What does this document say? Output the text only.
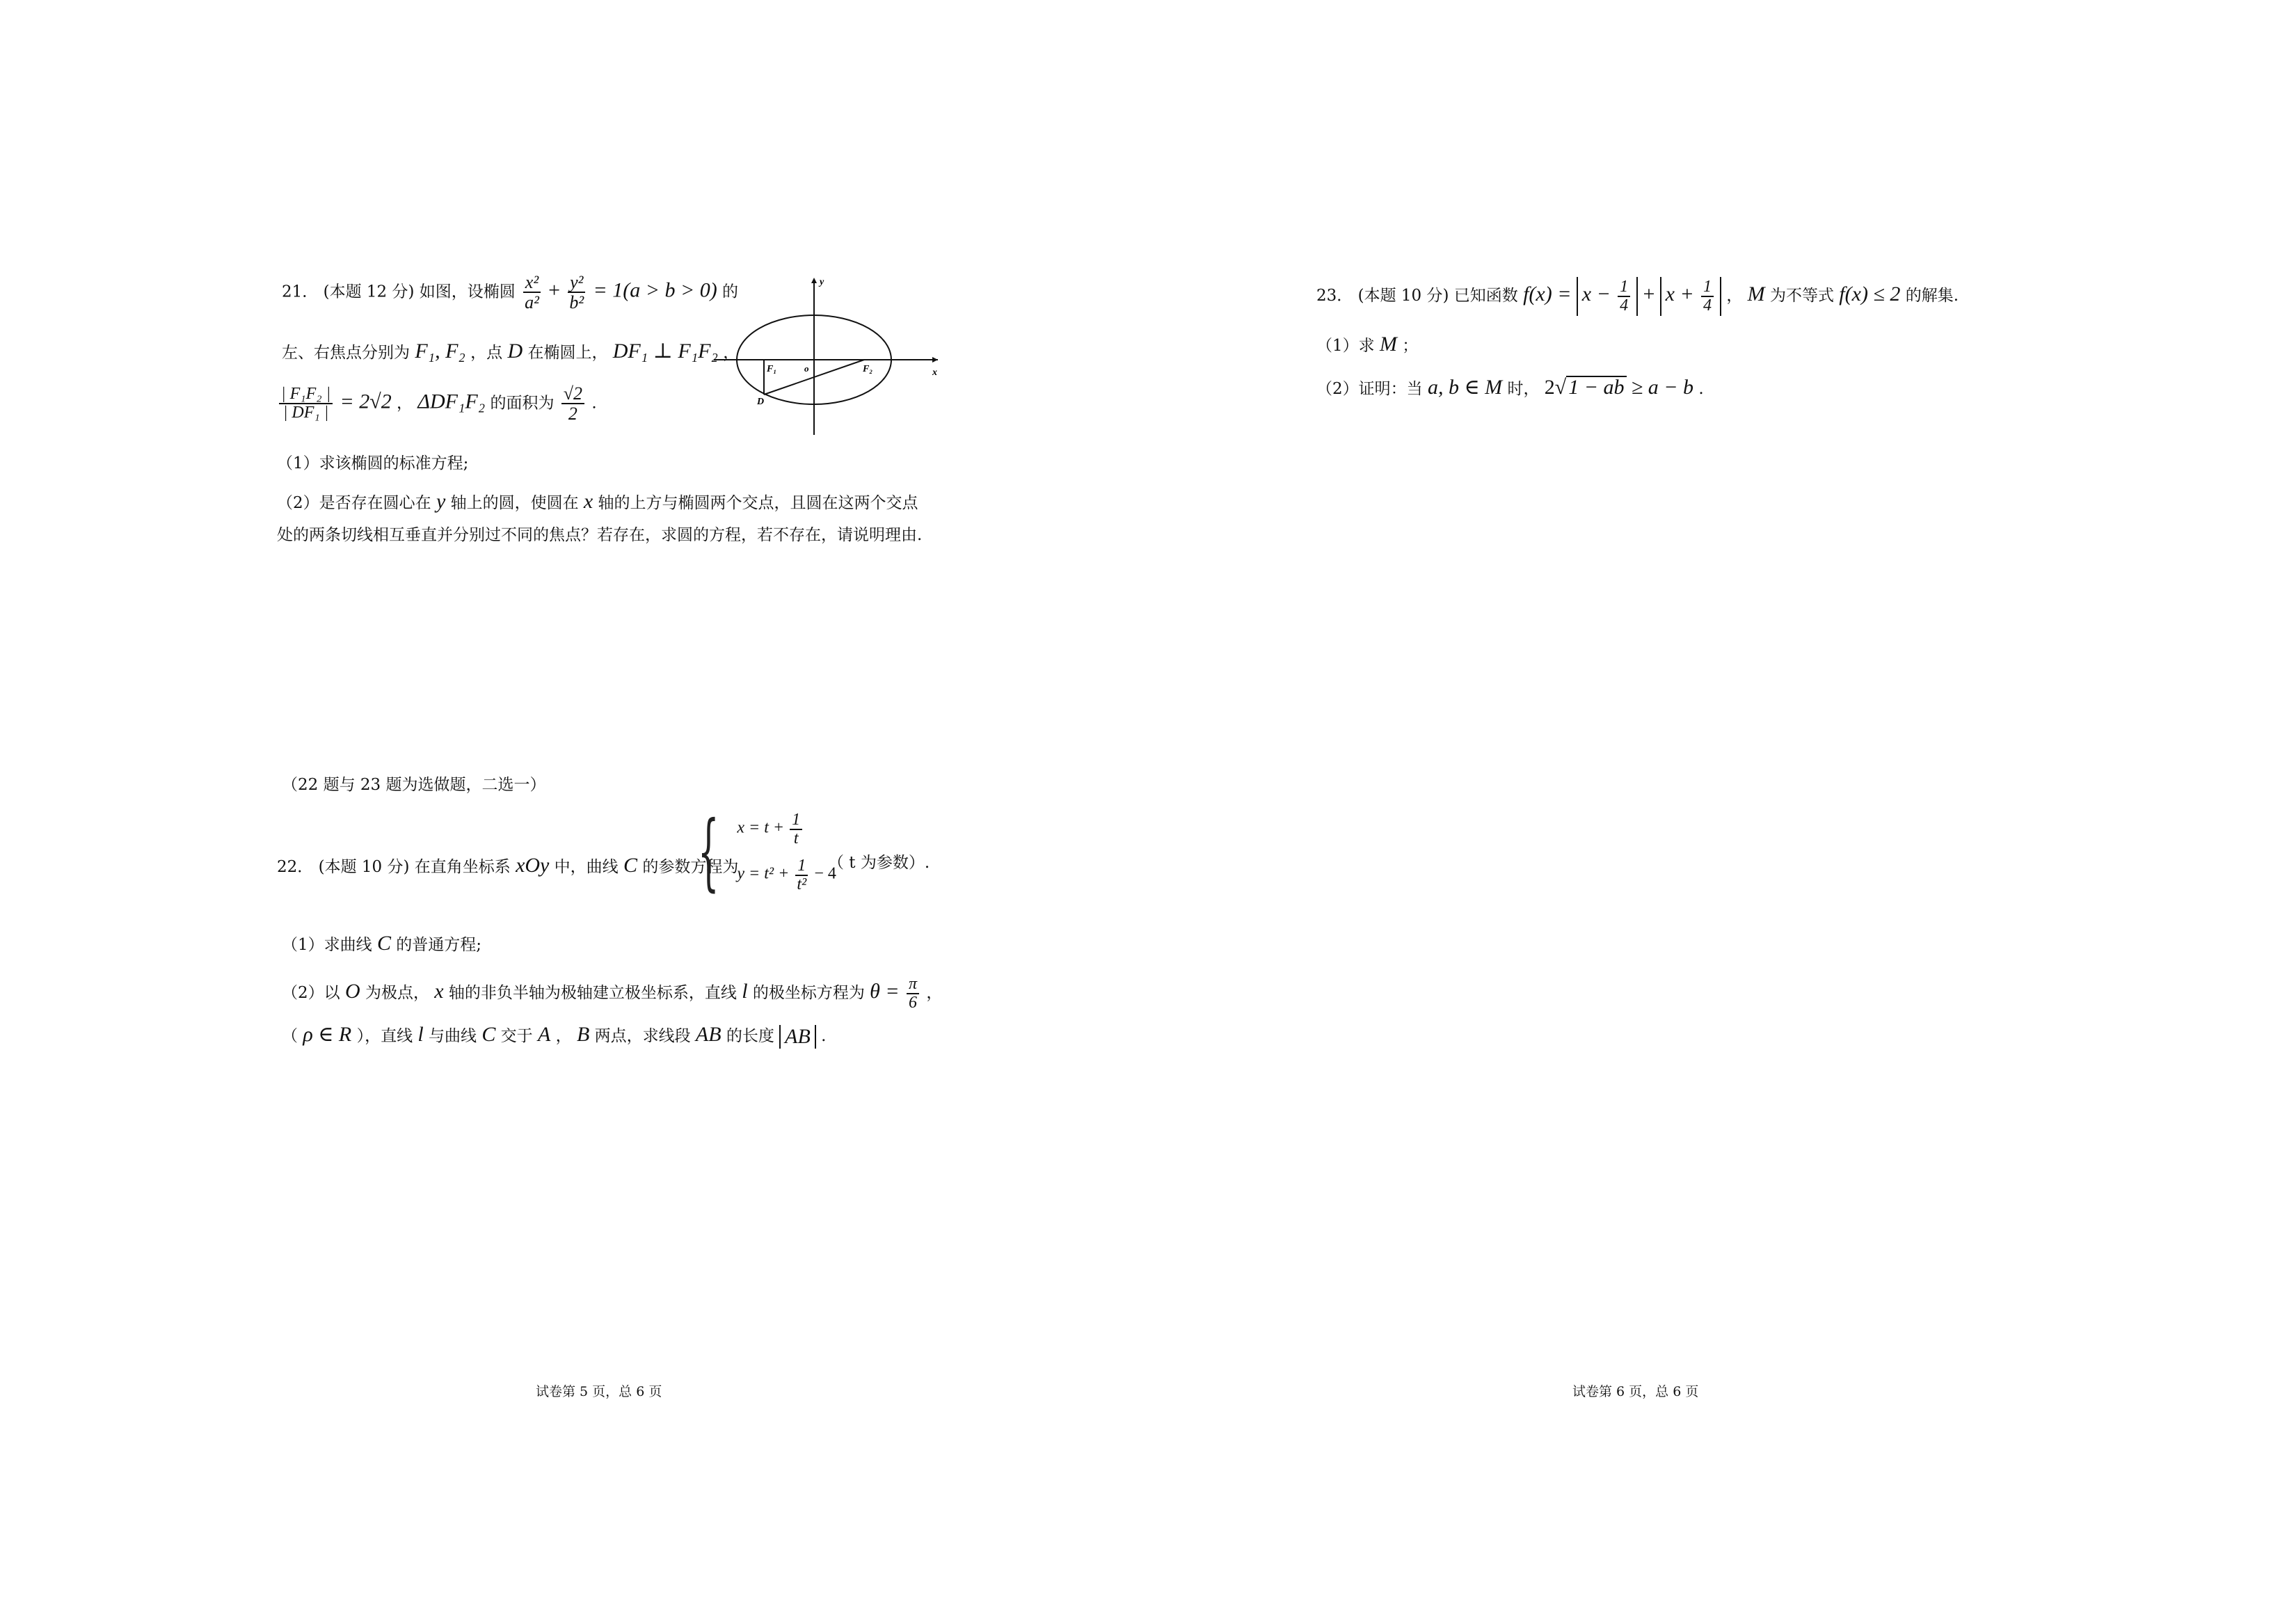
21． (本题 12 分) 如图，设椭圆 $\frac{\text{x²}}{\text{a²}} + \frac{\text{y²}}{\text{b²}} = 1(a > b > 0)$ 的
左、右焦点分别为 F₁, F₂ ，点 D 在椭圆上， DF₁ ⊥ F₁F₂ ，
$\frac{\text{| F₁F₂ |}}{\text{| DF₁ |}} = 2√2$ ， ΔDF₁F₂ 的面积为 $\frac{√2}{2}$ .
（1）求该椭圆的标准方程;
（2）是否存在圆心在 y 轴上的圆，使圆在 x 轴的上方与椭圆两个交点，且圆在这两个交点
处的两条切线相互垂直并分别过不同的焦点？若存在，求圆的方程，若不存在，请说明理由.
y
x
F₁	F₂
o
D
（22 题与 23 题为选做题，二选一）
22． (本题 10 分) 在直角坐标系 xOy 中，曲线 C 的参数方程为
{ $x = t + \frac{1}{t}$
$y = t^2 + \frac{1}{\text{t²}} - 4$
（ t 为参数）.
（1）求曲线 C 的普通方程;
（2）以 O 为极点， x 轴的非负半轴为极轴建立极坐标系，直线 l 的极坐标方程为 $\theta = \frac{\pi}{6}$ ，
（ ρ ∈ R ），直线 l 与曲线 C 交于 A ， B 两点，求线段 AB 的长度 AB .
试卷第 5 页，总 6 页
23． (本题 10 分) 已知函数 $f(x) = x - \frac{1}{4} + x + \frac{1}{4}$ ， M 为不等式 f(x) ≤ 2 的解集.
（1）求 M ；
（2）证明：当 a, b ∈ M 时， 2√ 1 − ab ≥ a − b .
试卷第 6 页，总 6 页
